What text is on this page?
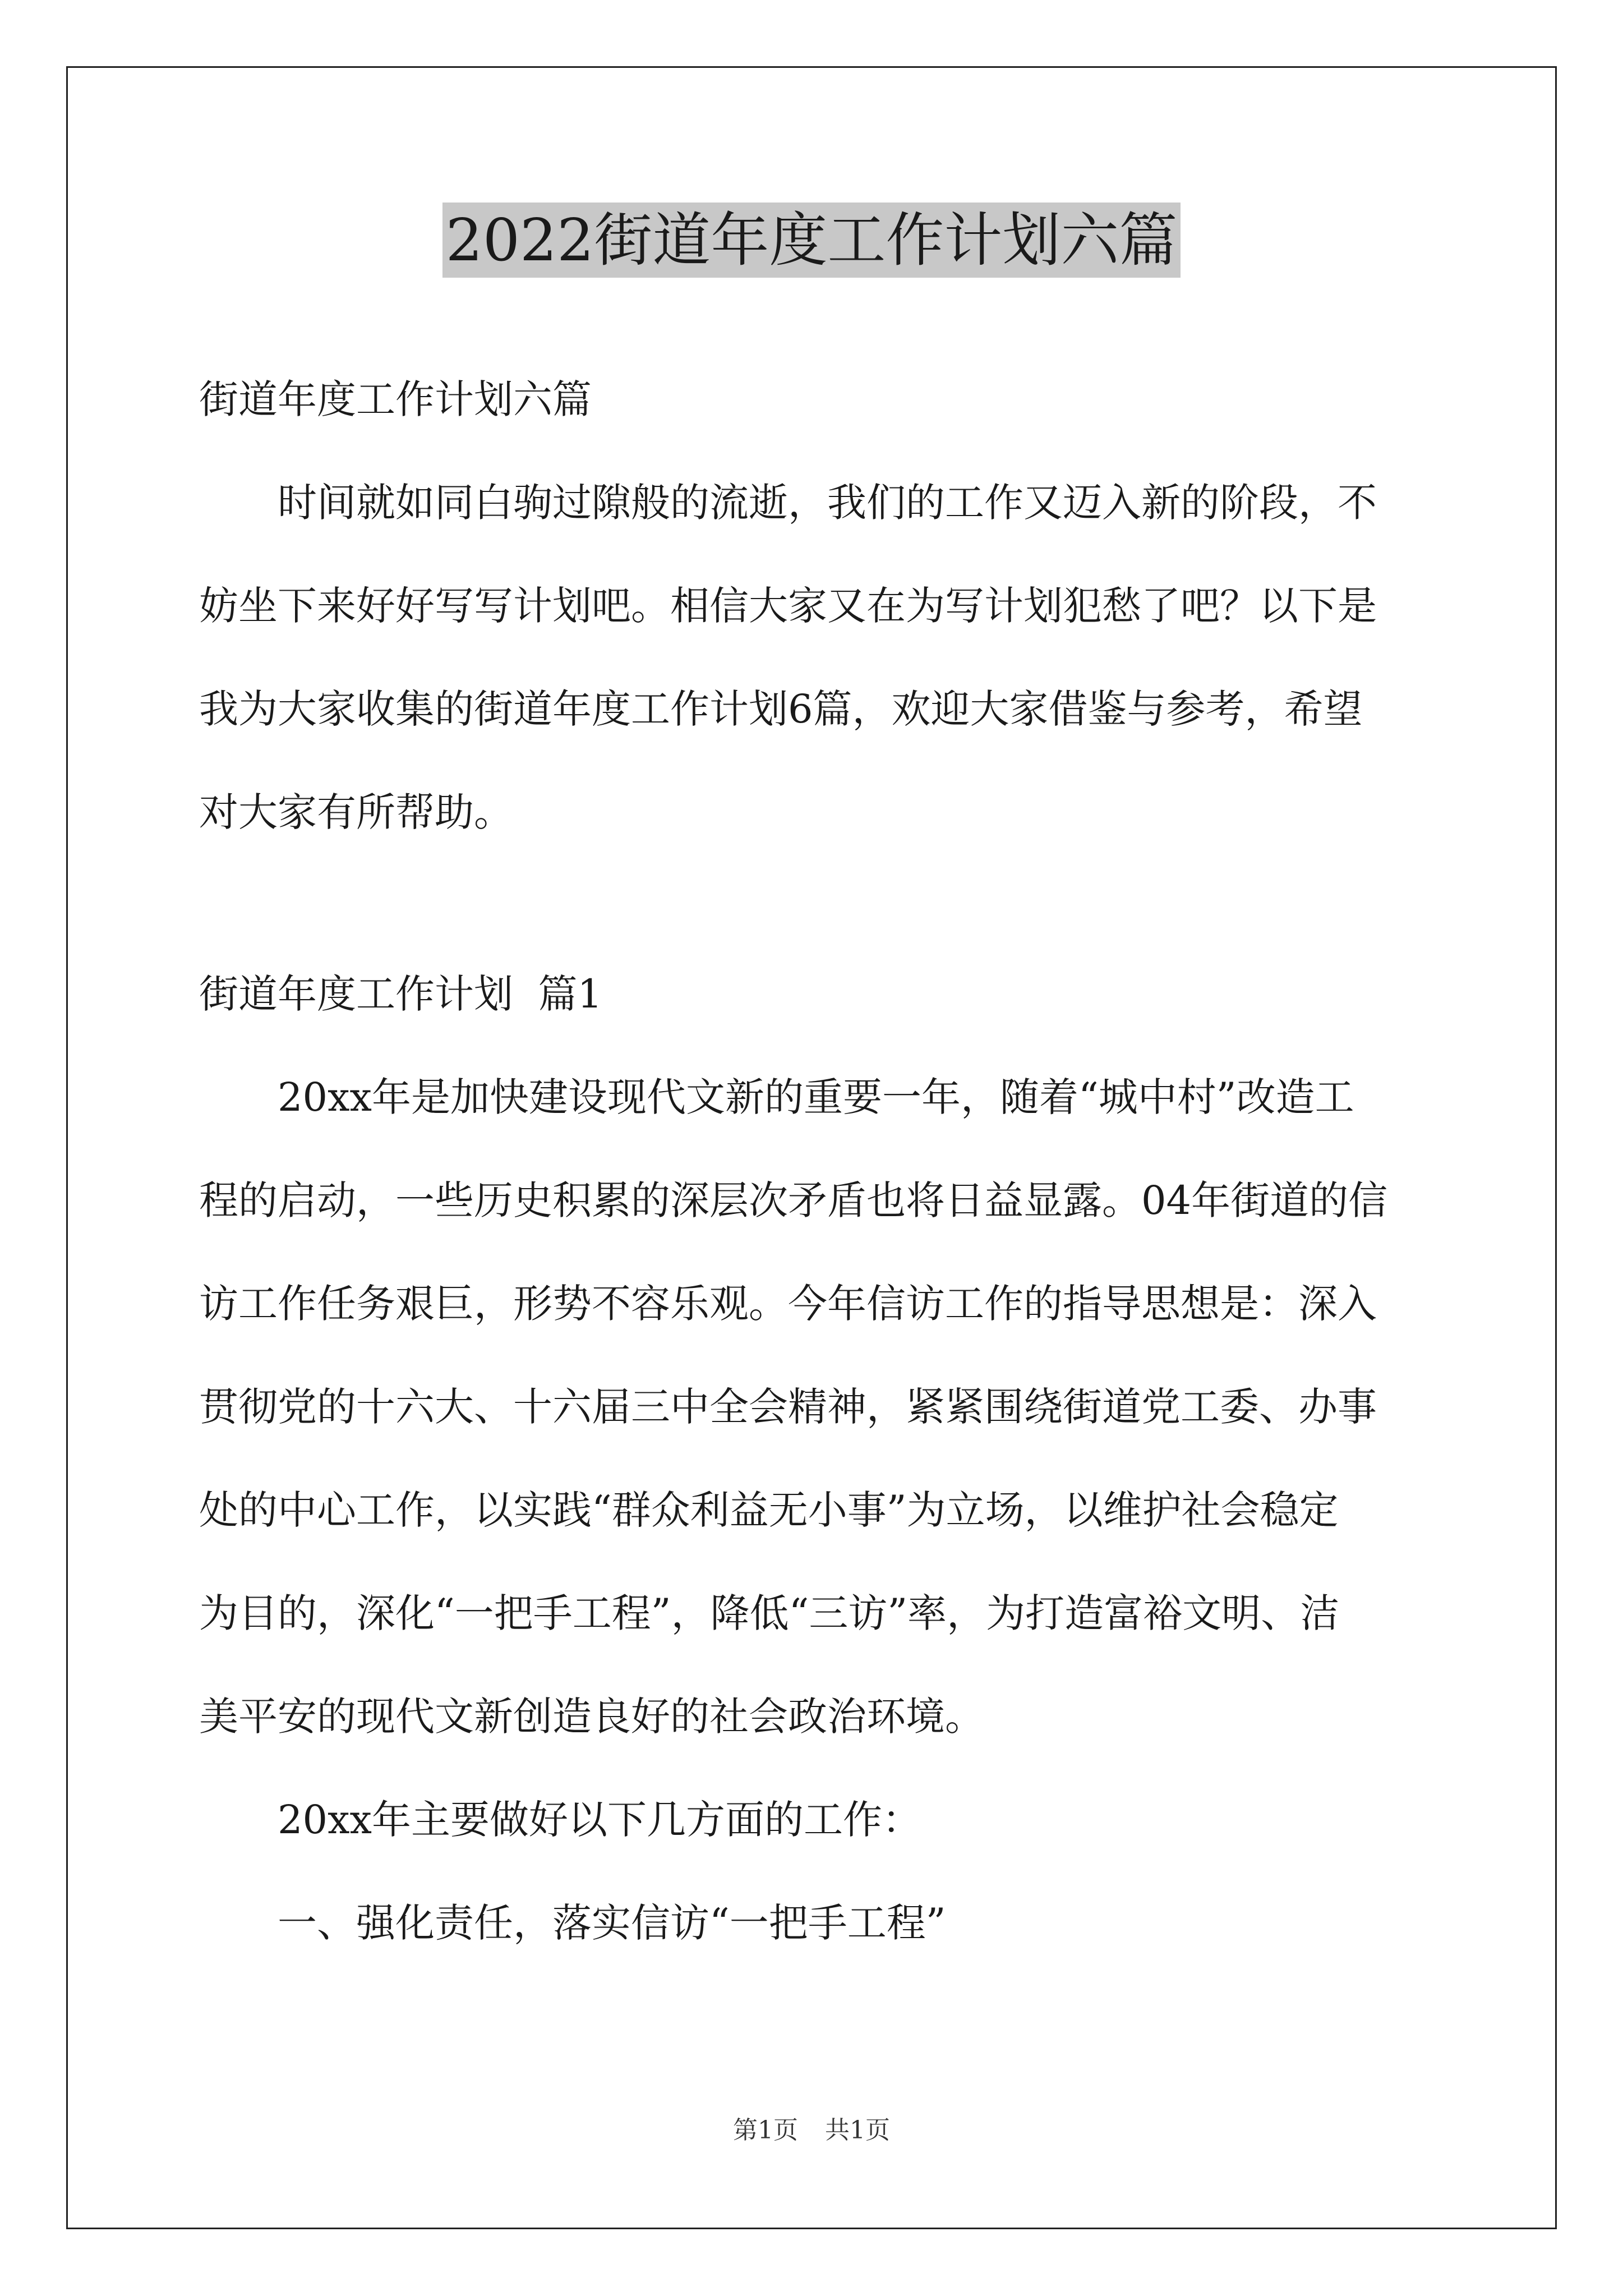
2022街道年度工作计划六篇

街道年度工作计划六篇

时间就如同白驹过隙般的流逝，我们的工作又迈入新的阶段，不

妨坐下来好好写写计划吧。相信大家又在为写计划犯愁了吧？以下是

我为大家收集的街道年度工作计划6篇，欢迎大家借鉴与参考，希望

对大家有所帮助。

街道年度工作计划  篇1

20xx年是加快建设现代文新的重要一年，随着“城中村”改造工

程的启动，一些历史积累的深层次矛盾也将日益显露。04年街道的信

访工作任务艰巨，形势不容乐观。今年信访工作的指导思想是：深入

贯彻党的十六大、十六届三中全会精神，紧紧围绕街道党工委、办事

处的中心工作，以实践“群众利益无小事”为立场，以维护社会稳定

为目的，深化“一把手工程”，降低“三访”率，为打造富裕文明、洁

美平安的现代文新创造良好的社会政治环境。

20xx年主要做好以下几方面的工作：

一、强化责任，落实信访“一把手工程”

第1页 共1页
